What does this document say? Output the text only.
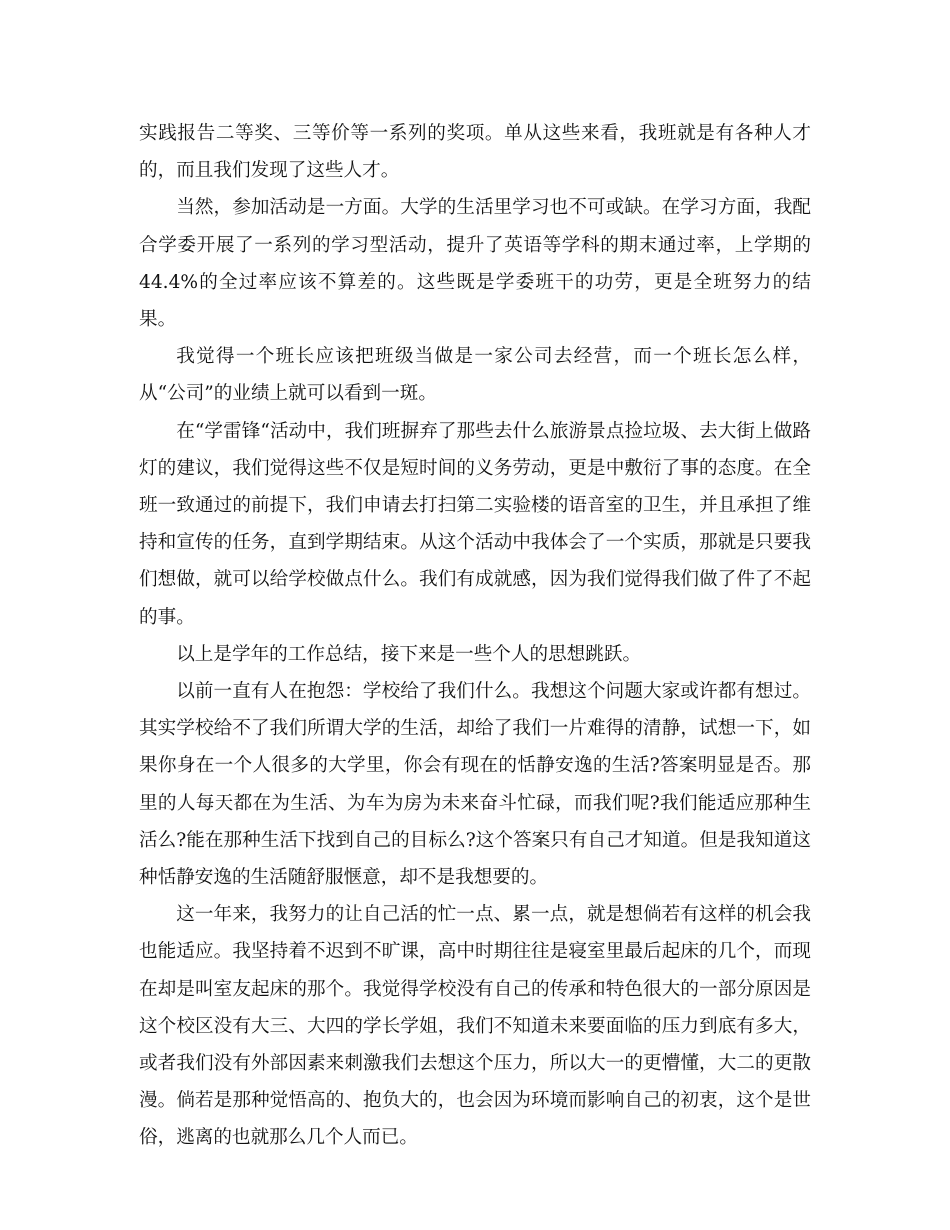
实践报告二等奖、三等价等一系列的奖项。单从这些来看，我班就是有各种人才的，而且我们发现了这些人才。

当然，参加活动是一方面。大学的生活里学习也不可或缺。在学习方面，我配合学委开展了一系列的学习型活动，提升了英语等学科的期末通过率，上学期的44.4%的全过率应该不算差的。这些既是学委班干的功劳，更是全班努力的结果。

我觉得一个班长应该把班级当做是一家公司去经营，而一个班长怎么样，从“公司”的业绩上就可以看到一斑。

在“学雷锋“活动中，我们班摒弃了那些去什么旅游景点捡垃圾、去大街上做路灯的建议，我们觉得这些不仅是短时间的义务劳动，更是中敷衍了事的态度。在全班一致通过的前提下，我们申请去打扫第二实验楼的语音室的卫生，并且承担了维持和宣传的任务，直到学期结束。从这个活动中我体会了一个实质，那就是只要我们想做，就可以给学校做点什么。我们有成就感，因为我们觉得我们做了件了不起的事。

以上是学年的工作总结，接下来是一些个人的思想跳跃。

以前一直有人在抱怨：学校给了我们什么。我想这个问题大家或许都有想过。其实学校给不了我们所谓大学的生活，却给了我们一片难得的清静，试想一下，如果你身在一个人很多的大学里，你会有现在的恬静安逸的生活?答案明显是否。那里的人每天都在为生活、为车为房为未来奋斗忙碌，而我们呢?我们能适应那种生活么?能在那种生活下找到自己的目标么?这个答案只有自己才知道。但是我知道这种恬静安逸的生活随舒服惬意，却不是我想要的。

这一年来，我努力的让自己活的忙一点、累一点，就是想倘若有这样的机会我也能适应。我坚持着不迟到不旷课，高中时期往往是寝室里最后起床的几个，而现在却是叫室友起床的那个。我觉得学校没有自己的传承和特色很大的一部分原因是这个校区没有大三、大四的学长学姐，我们不知道未来要面临的压力到底有多大，或者我们没有外部因素来刺激我们去想这个压力，所以大一的更懵懂，大二的更散漫。倘若是那种觉悟高的、抱负大的，也会因为环境而影响自己的初衷，这个是世俗，逃离的也就那么几个人而已。
